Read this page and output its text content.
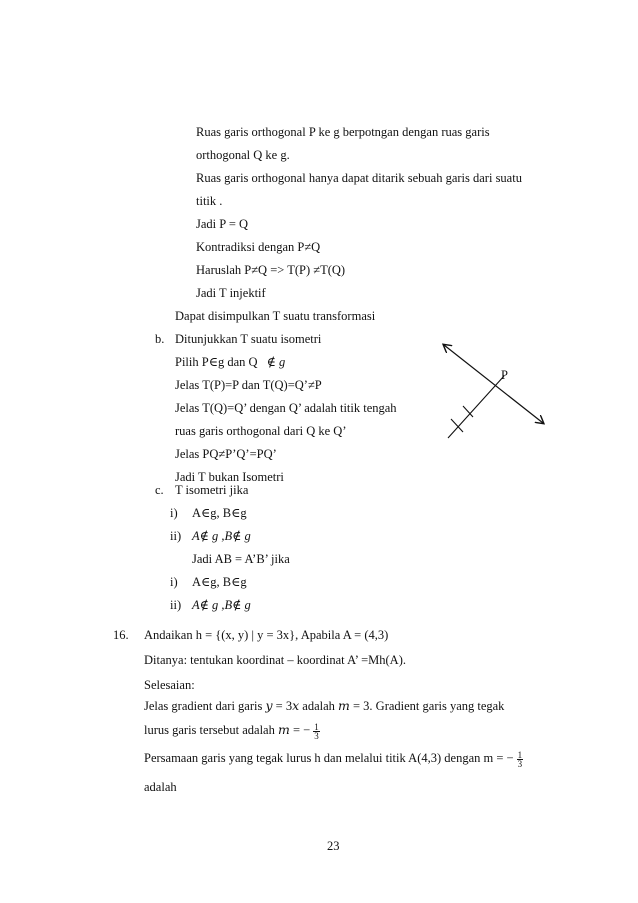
Ruas garis orthogonal P ke g berpotngan dengan ruas garis
orthogonal Q ke g.
Ruas garis orthogonal hanya dapat ditarik sebuah garis dari suatu
titik .
Jadi P = Q
Kontradiksi dengan P≠Q
Haruslah P≠Q => T(P) ≠T(Q)
Jadi T injektif
Dapat disimpulkan T suatu transformasi
b. Ditunjukkan T suatu isometri
Pilih P∈g dan Q ∉ g
Jelas T(P)=P dan T(Q)=Q’≠P
Jelas T(Q)=Q’ dengan Q’ adalah titik tengah
ruas garis orthogonal dari Q ke Q’
Jelas PQ≠P’Q’=PQ’
Jadi T bukan Isometri
P
c. T isometri jika
i) A∈g, B∈g
ii) A∉ g ,B∉ g
Jadi AB = A’B’ jika
i) A∈g, B∈g
ii) A∉ g ,B∉ g
16. Andaikan h = {(x, y) | y = 3x}, Apabila A = (4,3)
Ditanya: tentukan koordinat – koordinat A’ =Mh(A).
Selesaian:
Jelas gradient dari garis 𝑦 = 3𝑥 adalah 𝑚 = 3. Gradient garis yang tegak
lurus garis tersebut adalah 𝑚 = − $\frac{1}{3}$
Persamaan garis yang tegak lurus h dan melalui titik A(4,3) dengan m = − $\frac{1}{3}$
adalah
23
